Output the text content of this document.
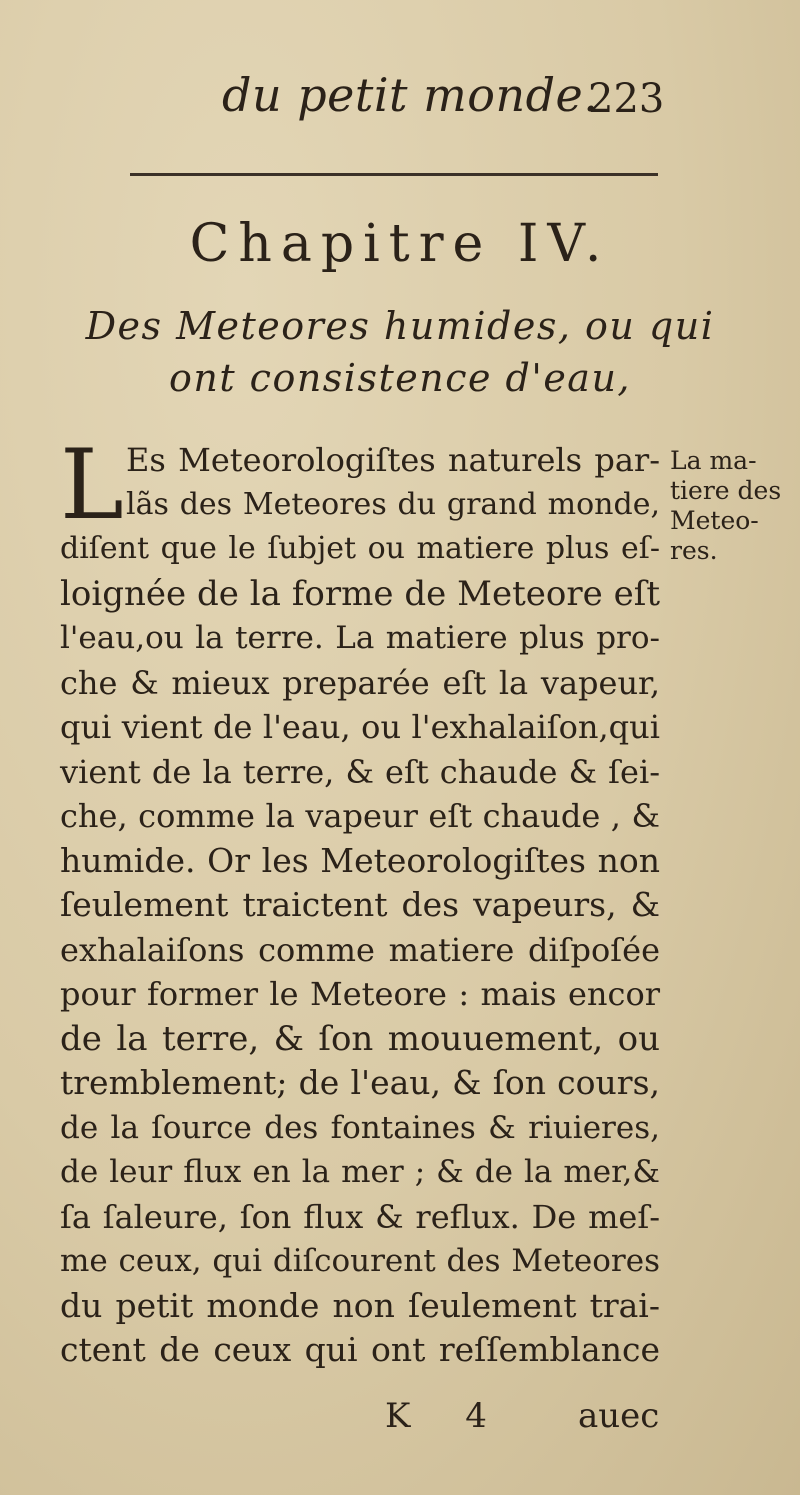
du petit monde.
223
Chapitre IV.
Des Meteores humides, ou qui
ont consistence d'eau,
L Es Meteorologiſtes naturels par-
lãs des Meteores du grand monde,
diſent que le ſubjet ou matiere plus eſ-
loignée de la forme de Meteore eſt
l'eau,ou la terre. La matiere plus pro-
che & mieux preparée eſt la vapeur,
qui vient de l'eau, ou l'exhalaiſon,qui
vient de la terre, & eſt chaude & ſei-
che, comme la vapeur eſt chaude , &
humide. Or les Meteorologiſtes non
ſeulement traictent des vapeurs, &
exhalaiſons comme matiere diſpoſée
pour former le Meteore : mais encor
de la terre, & ſon mouuement, ou
tremblement; de l'eau, & ſon cours,
de la ſource des fontaines & riuieres,
de leur flux en la mer ; & de la mer,&
ſa ſaleure, ſon flux & reflux. De meſ-
me ceux, qui diſcourent des Meteores
du petit monde non ſeulement trai-
ctent de ceux qui ont reſſemblance
La ma-
tiere des
Meteo-
res.
K 4 auec
